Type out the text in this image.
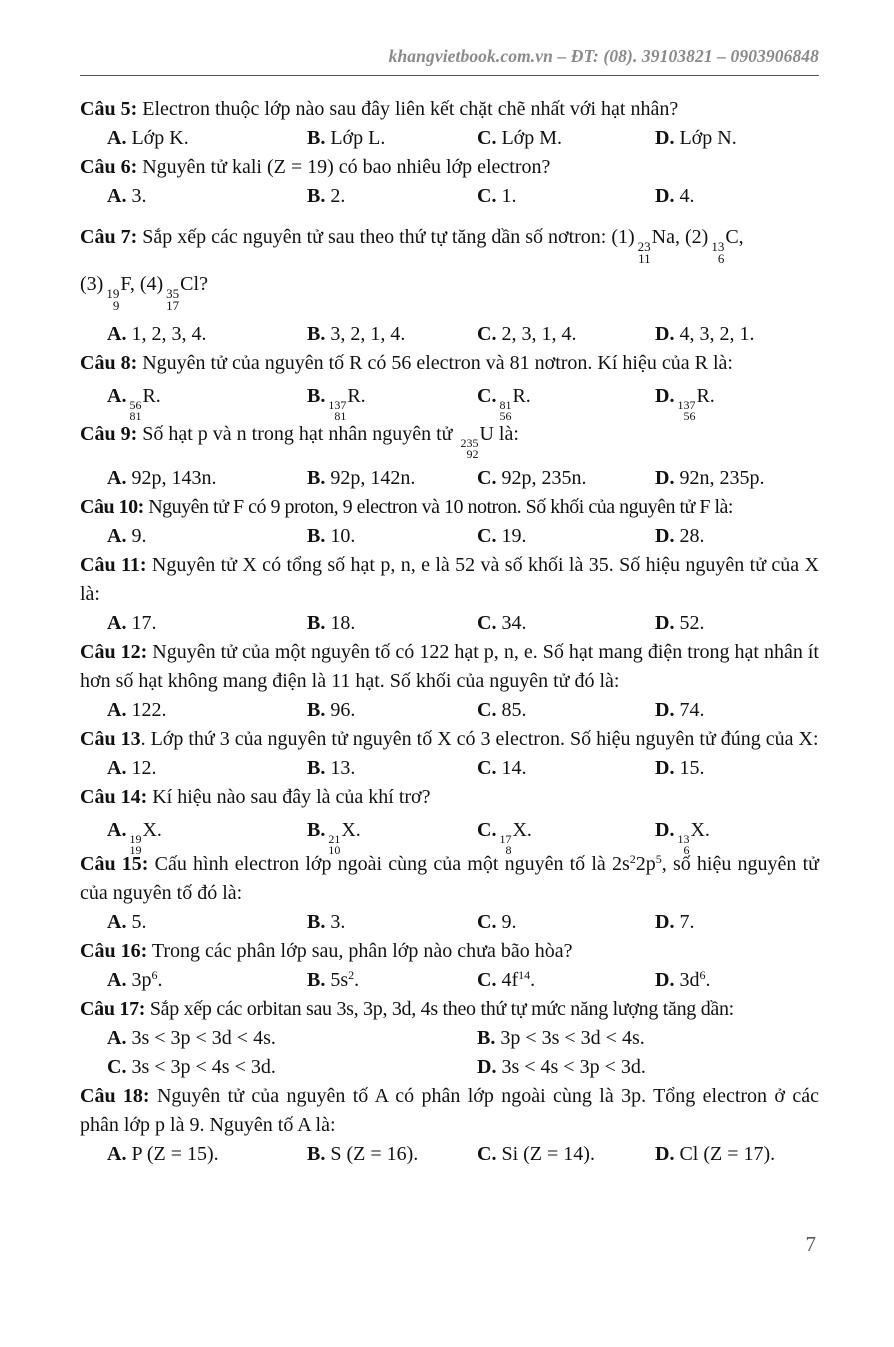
khangvietbook.com.vn – ĐT: (08). 39103821 – 0903906848
Câu 5: Electron thuộc lớp nào sau đây liên kết chặt chẽ nhất với hạt nhân?
A. Lớp K.	B. Lớp L.	C. Lớp M.	D. Lớp N.
Câu 6: Nguyên tử kali (Z = 19) có bao nhiêu lớp electron?
A. 3.	B. 2.	C. 1.	D. 4.
Câu 7: Sắp xếp các nguyên tử sau theo thứ tự tăng dần số nơtron: (1) 23
11
Na, (2) 13
6
C,
(3) 19
9
F, (4) 35
17
Cl?
A. 1, 2, 3, 4.	B. 3, 2, 1, 4.	C. 2, 3, 1, 4.	D. 4, 3, 2, 1.
Câu 8: Nguyên tử của nguyên tố R có 56 electron và 81 nơtron. Kí hiệu của R là:
A. 56
81
R.	B. 137
81
R.	C. 81
56
R.	D. 137
56
R.
Câu 9: Số hạt p và n trong hạt nhân nguyên tử 235
92
U là:
A. 92p, 143n.	B. 92p, 142n.	C. 92p, 235n.	D. 92n, 235p.
Câu 10: Nguyên tử F có 9 proton, 9 electron và 10 notron. Số khối của nguyên tử F là:
A. 9.	B. 10.	C. 19.	D. 28.
Câu 11: Nguyên tử X có tổng số hạt p, n, e là 52 và số khối là 35. Số hiệu nguyên tử của X là:
A. 17.	B. 18.	C. 34.	D. 52.
Câu 12: Nguyên tử của một nguyên tố có 122 hạt p, n, e. Số hạt mang điện trong hạt nhân ít hơn số hạt không mang điện là 11 hạt. Số khối của nguyên tử đó là:
A. 122.	B. 96.	C. 85.	D. 74.
Câu 13. Lớp thứ 3 của nguyên tử nguyên tố X có 3 electron. Số hiệu nguyên tử đúng của X:
A. 12.	B. 13.	C. 14.	D. 15.
Câu 14: Kí hiệu nào sau đây là của khí trơ?
A. 19
19
X.	B. 21
10
X.	C. 17
8
X.	D. 13
6
X.
Câu 15: Cấu hình electron lớp ngoài cùng của một nguyên tố là $2s^22p^5$, số hiệu nguyên tử của nguyên tố đó là:
A. 5.	B. 3.	C. 9.	D. 7.
Câu 16: Trong các phân lớp sau, phân lớp nào chưa bão hòa?
A. $3p^6$.	B. $5s^2$.	C. $4f^{14}$.	D. $3d^6$.
Câu 17: Sắp xếp các orbitan sau 3s, 3p, 3d, 4s theo thứ tự mức năng lượng tăng dần:
A. 3s < 3p < 3d < 4s.	B. 3p < 3s < 3d < 4s.
C. 3s < 3p < 4s < 3d.	D. 3s < 4s < 3p < 3d.
Câu 18: Nguyên tử của nguyên tố A có phân lớp ngoài cùng là 3p. Tổng electron ở các phân lớp p là 9. Nguyên tố A là:
A. P (Z = 15).	B. S (Z = 16).	C. Si (Z = 14).	D. Cl (Z = 17).
7
